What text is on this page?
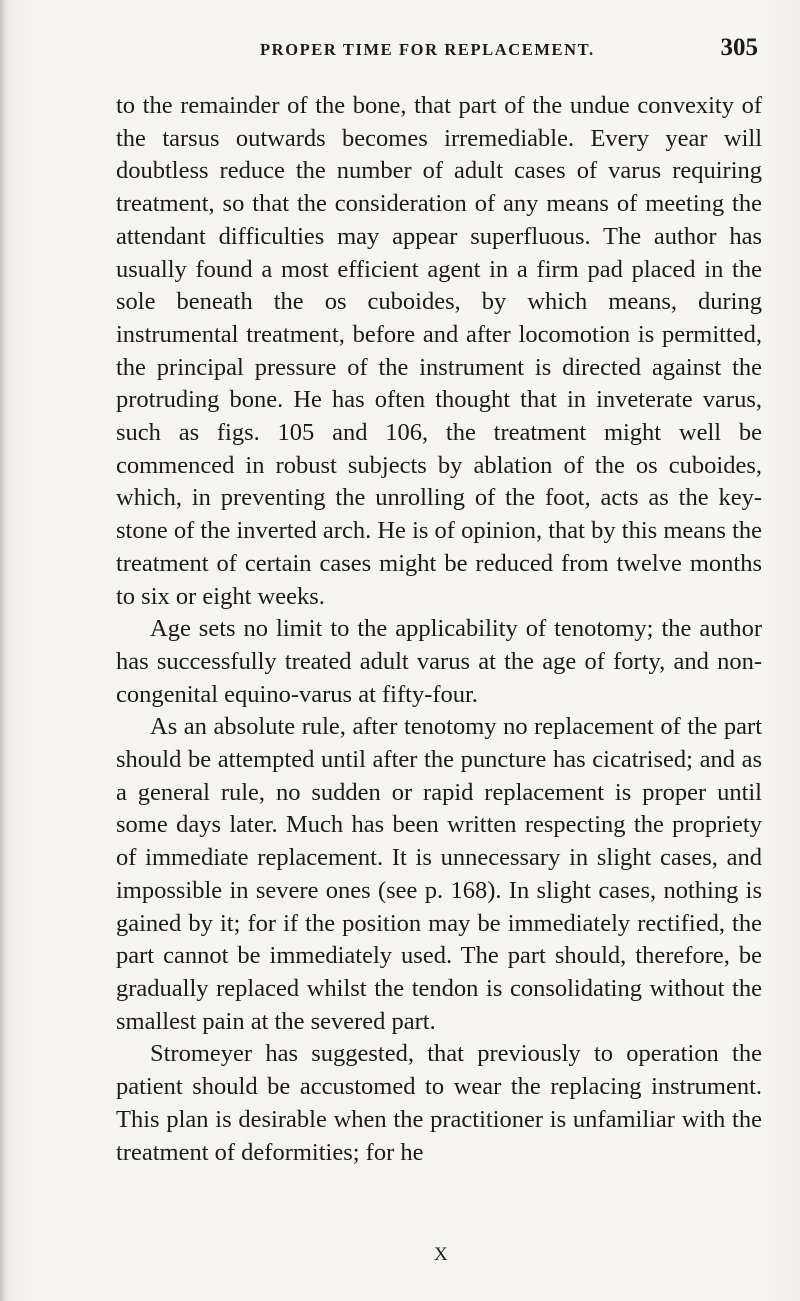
PROPER TIME FOR REPLACEMENT.	305

to the remainder of the bone, that part of the undue convexity of the tarsus outwards becomes irremediable. Every year will doubtless reduce the number of adult cases of varus requiring treatment, so that the consideration of any means of meeting the attendant difficulties may appear superfluous. The author has usually found a most efficient agent in a firm pad placed in the sole beneath the os cuboides, by which means, during instrumental treatment, before and after locomotion is permitted, the principal pressure of the instrument is directed against the protruding bone. He has often thought that in inveterate varus, such as figs. 105 and 106, the treatment might well be commenced in robust subjects by ablation of the os cuboides, which, in preventing the unrolling of the foot, acts as the key-stone of the inverted arch. He is of opinion, that by this means the treatment of certain cases might be reduced from twelve months to six or eight weeks.

Age sets no limit to the applicability of tenotomy; the author has successfully treated adult varus at the age of forty, and non-congenital equino-varus at fifty-four.

As an absolute rule, after tenotomy no replacement of the part should be attempted until after the puncture has cicatrised; and as a general rule, no sudden or rapid replacement is proper until some days later. Much has been written respecting the propriety of immediate replacement. It is unnecessary in slight cases, and impossible in severe ones (see p. 168). In slight cases, nothing is gained by it; for if the position may be immediately rectified, the part cannot be immediately used. The part should, therefore, be gradually replaced whilst the tendon is consolidating without the smallest pain at the severed part.

Stromeyer has suggested, that previously to operation the patient should be accustomed to wear the replacing instrument. This plan is desirable when the practitioner is unfamiliar with the treatment of deformities; for he

X
